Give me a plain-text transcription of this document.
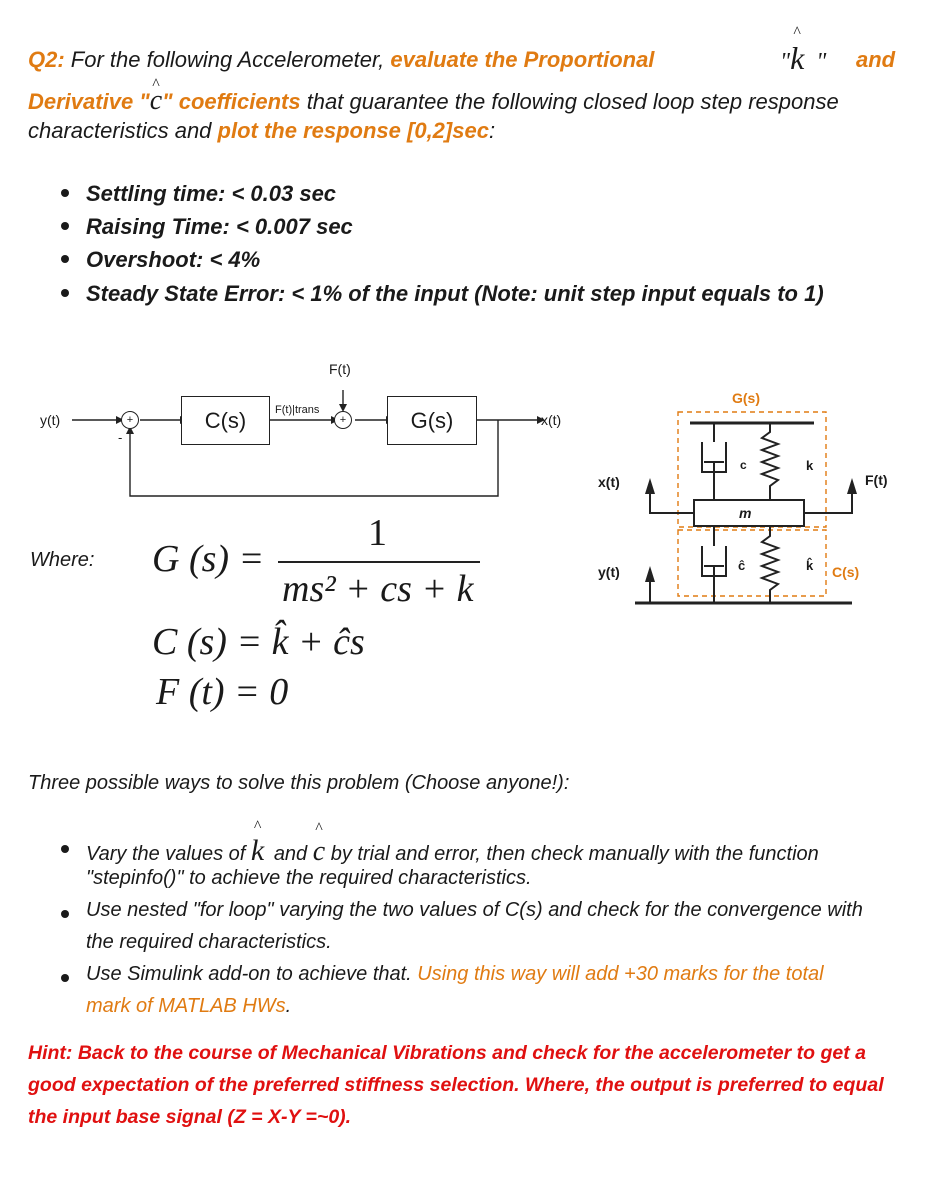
Q2: For the following Accelerometer, evaluate the Proportional	"^ k " and
Derivative "^ c" coefficients that guarantee the following closed loop step response
characteristics and plot the response [0,2]sec:
Settling time: < 0.03 sec
Raising Time: < 0.007 sec
Overshoot: < 4%
Steady State Error: < 1% of the input (Note: unit step input equals to 1)
+	+
-
y(t)	C(s)	F(t)|trans
F(t)
G(s)	x(t)
G(s)
c	k
m
ĉ	k̂
x(t)
y(t)
F(t)
C(s)
Where: G (s) =
1
ms² + cs + k
C (s) = k̂ + ĉs
F (t) = 0
Three possible ways to solve this problem (Choose anyone!):
Vary the values of ^ k and ^ c by trial and error, then check manually with the function
"stepinfo()" to achieve the required characteristics.
Use nested "for loop" varying the two values of C(s) and check for the convergence with
the required characteristics.
Use Simulink add-on to achieve that. Using this way will add +30 marks for the total
mark of MATLAB HWs.
Hint: Back to the course of Mechanical Vibrations and check for the accelerometer to get a
good expectation of the preferred stiffness selection. Where, the output is preferred to equal
the input base signal (Z = X-Y =~0).
